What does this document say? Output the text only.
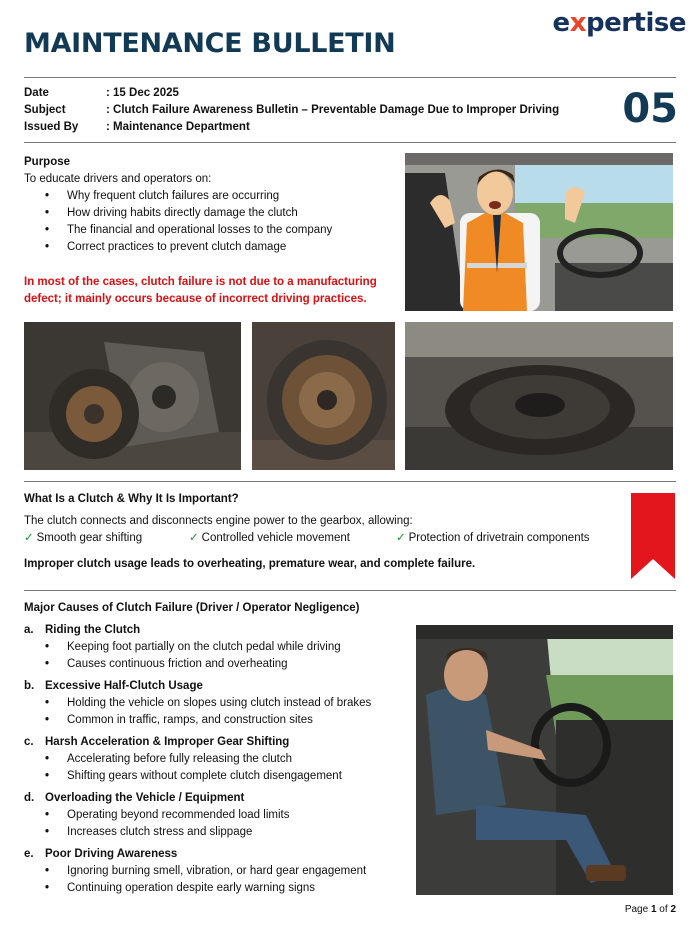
expertise
MAINTENANCE BULLETIN
Date	: 15 Dec 2025
Subject	: Clutch Failure Awareness Bulletin – Preventable Damage Due to Improper Driving
Issued By	: Maintenance Department	05
Purpose
To educate drivers and operators on:
• Why frequent clutch failures are occurring
• How driving habits directly damage the clutch
• The financial and operational losses to the company
• Correct practices to prevent clutch damage
In most of the cases, clutch failure is not due to a manufacturing defect; it mainly occurs because of incorrect driving practices.
What Is a Clutch & Why It Is Important?
The clutch connects and disconnects engine power to the gearbox, allowing:
✓ Smooth gear shifting	✓ Controlled vehicle movement	✓ Protection of drivetrain components
Improper clutch usage leads to overheating, premature wear, and complete failure.
Major Causes of Clutch Failure (Driver / Operator Negligence)
a. Riding the Clutch
• Keeping foot partially on the clutch pedal while driving
• Causes continuous friction and overheating
b. Excessive Half-Clutch Usage
• Holding the vehicle on slopes using clutch instead of brakes
• Common in traffic, ramps, and construction sites
c. Harsh Acceleration & Improper Gear Shifting
• Accelerating before fully releasing the clutch
• Shifting gears without complete clutch disengagement
d. Overloading the Vehicle / Equipment
• Operating beyond recommended load limits
• Increases clutch stress and slippage
e. Poor Driving Awareness
• Ignoring burning smell, vibration, or hard gear engagement
• Continuing operation despite early warning signs
Page 1 of 2
